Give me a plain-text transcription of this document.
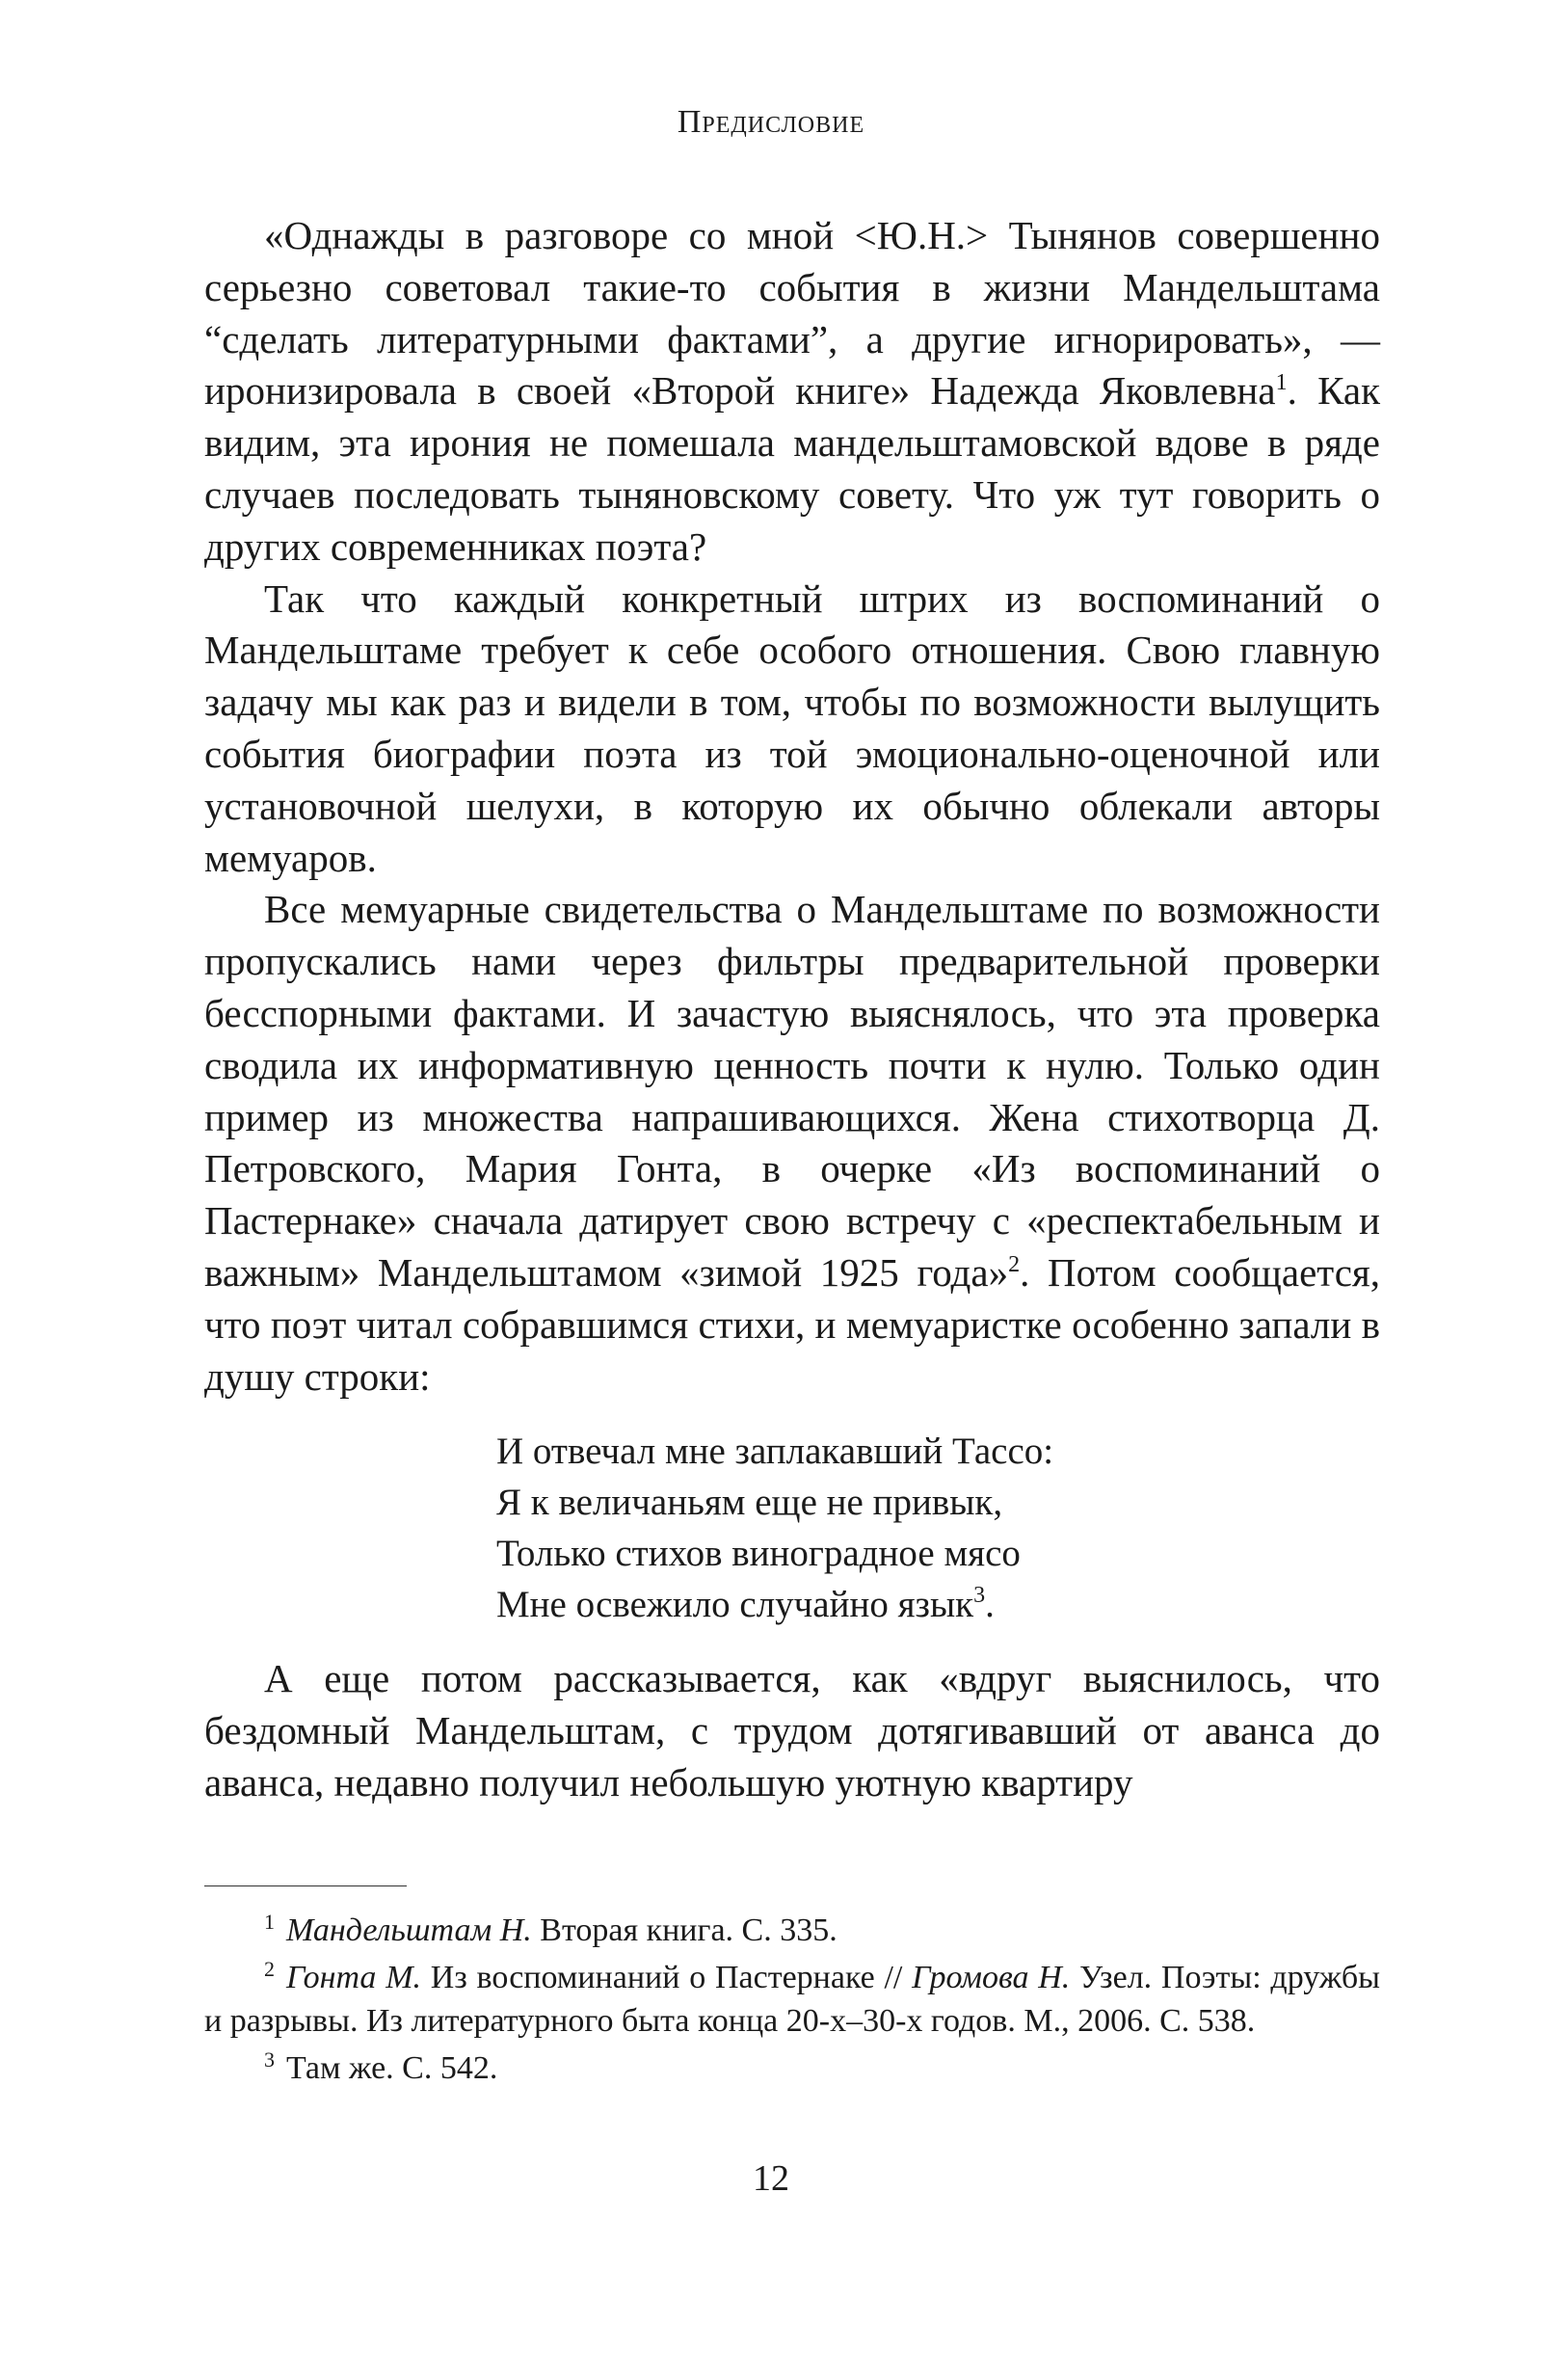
Предисловие

«Однажды в разговоре со мной <Ю.Н.> Тынянов совершенно серьезно советовал такие-то события в жизни Мандельштама “сделать литературными фактами”, а другие игнорировать», — иронизировала в своей «Второй книге» Надежда Яковлевна$^1$. Как видим, эта ирония не помешала мандельштамовской вдове в ряде случаев последовать тыняновскому совету. Что уж тут говорить о других современниках поэта?

Так что каждый конкретный штрих из воспоминаний о Мандельштаме требует к себе особого отношения. Свою главную задачу мы как раз и видели в том, чтобы по возможности вылущить события биографии поэта из той эмоционально-оценочной или установочной шелухи, в которую их обычно облекали авторы мемуаров.

Все мемуарные свидетельства о Мандельштаме по возможности пропускались нами через фильтры предварительной проверки бесспорными фактами. И зачастую выяснялось, что эта проверка сводила их информативную ценность почти к нулю. Только один пример из множества напрашивающихся. Жена стихотворца Д. Петровского, Мария Гонта, в очерке «Из воспоминаний о Пастернаке» сначала датирует свою встречу с «респектабельным и важным» Мандельштамом «зимой 1925 года»$^2$. Потом сообщается, что поэт читал собравшимся стихи, и мемуаристке особенно запали в душу строки:

И отвечал мне заплакавший Тассо:
Я к величаньям еще не привык,
Только стихов виноградное мясо
Мне освежило случайно язык$^3$.

А еще потом рассказывается, как «вдруг выяснилось, что бездомный Мандельштам, с трудом дотягивавший от аванса до аванса, недавно получил небольшую уютную квартиру

$^1$ Мандельштам Н. Вторая книга. С. 335.

$^2$ Гонта М. Из воспоминаний о Пастернаке // Громова Н. Узел. Поэты: дружбы и разрывы. Из литературного быта конца 20-х–30-х годов. М., 2006. С. 538.

$^3$ Там же. С. 542.

12
